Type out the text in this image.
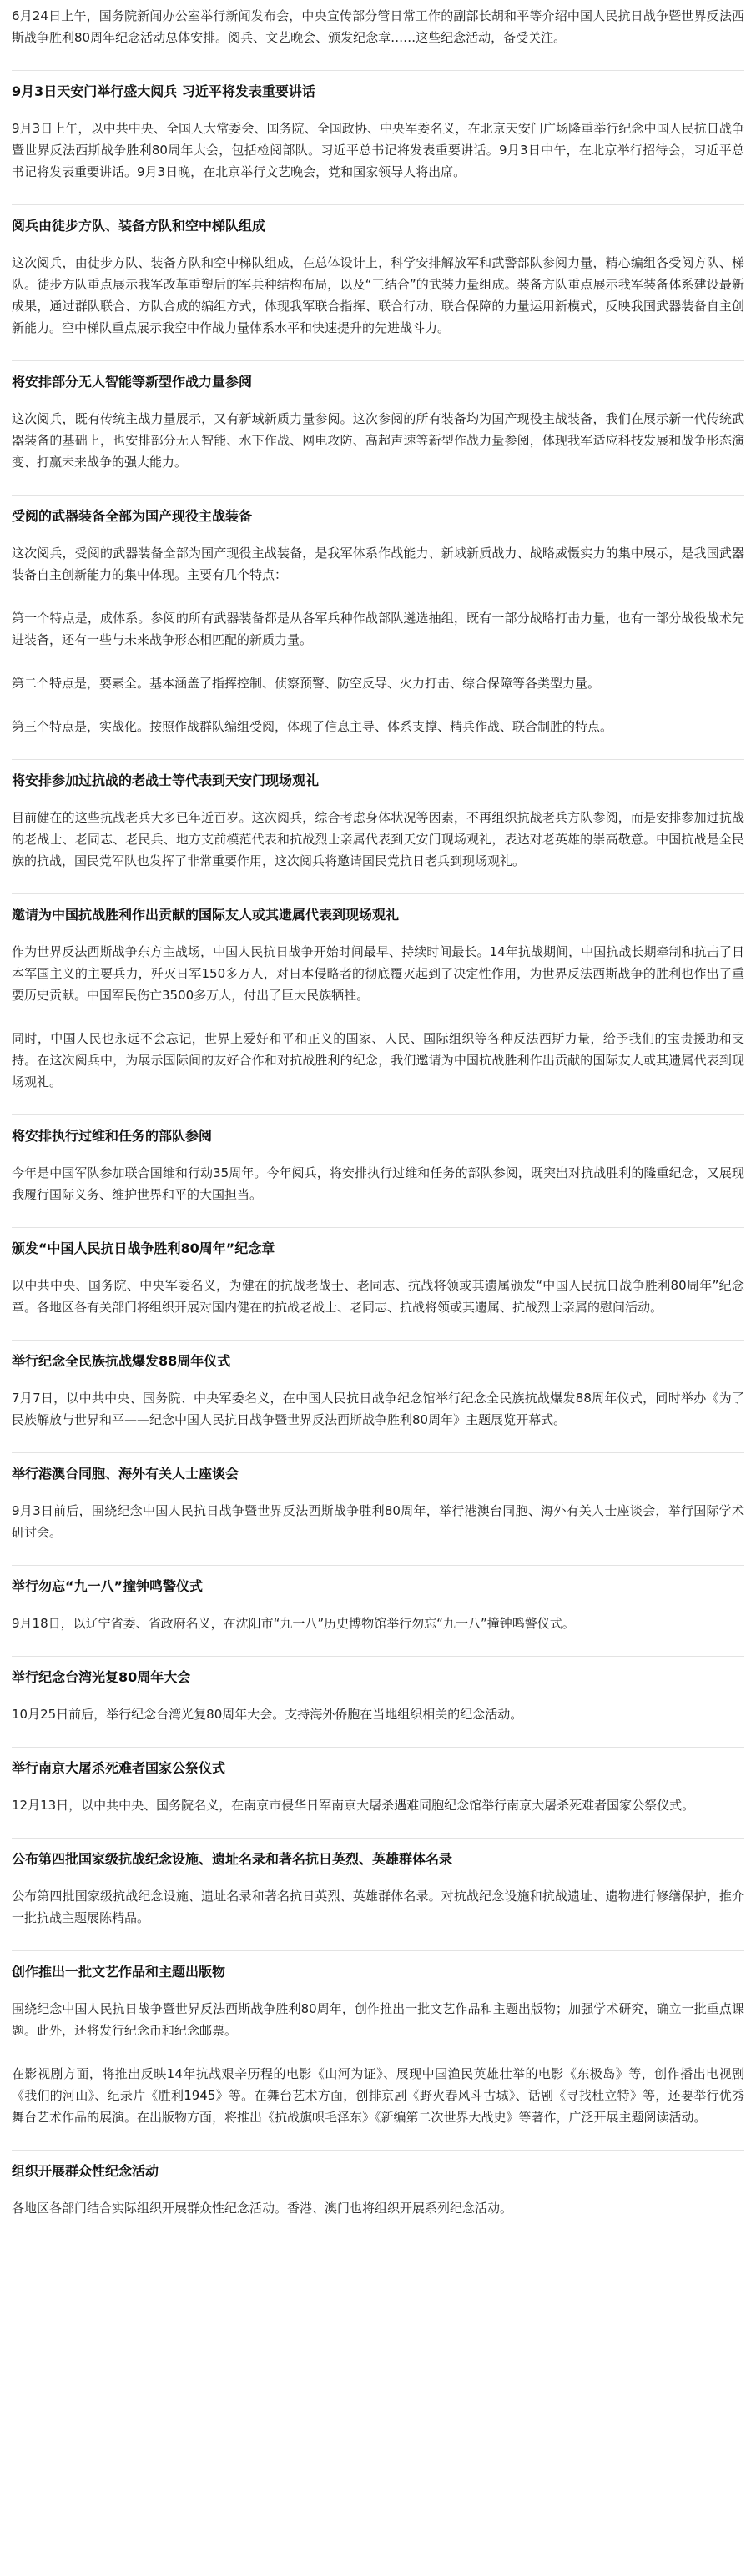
6月24日上午，国务院新闻办公室举行新闻发布会，中央宣传部分管日常工作的副部长胡和平等介绍中国人民抗日战争暨世界反法西斯战争胜利80周年纪念活动总体安排。阅兵、文艺晚会、颁发纪念章……这些纪念活动，备受关注。

9月3日天安门举行盛大阅兵 习近平将发表重要讲话

9月3日上午，以中共中央、全国人大常委会、国务院、全国政协、中央军委名义，在北京天安门广场隆重举行纪念中国人民抗日战争暨世界反法西斯战争胜利80周年大会，包括检阅部队。习近平总书记将发表重要讲话。9月3日中午，在北京举行招待会，习近平总书记将发表重要讲话。9月3日晚，在北京举行文艺晚会，党和国家领导人将出席。

阅兵由徒步方队、装备方队和空中梯队组成

这次阅兵，由徒步方队、装备方队和空中梯队组成，在总体设计上，科学安排解放军和武警部队参阅力量，精心编组各受阅方队、梯队。徒步方队重点展示我军改革重塑后的军兵种结构布局，以及“三结合”的武装力量组成。装备方队重点展示我军装备体系建设最新成果，通过群队联合、方队合成的编组方式，体现我军联合指挥、联合行动、联合保障的力量运用新模式，反映我国武器装备自主创新能力。空中梯队重点展示我空中作战力量体系水平和快速提升的先进战斗力。

将安排部分无人智能等新型作战力量参阅

这次阅兵，既有传统主战力量展示，又有新域新质力量参阅。这次参阅的所有装备均为国产现役主战装备，我们在展示新一代传统武器装备的基础上，也安排部分无人智能、水下作战、网电攻防、高超声速等新型作战力量参阅，体现我军适应科技发展和战争形态演变、打赢未来战争的强大能力。

受阅的武器装备全部为国产现役主战装备

这次阅兵，受阅的武器装备全部为国产现役主战装备，是我军体系作战能力、新域新质战力、战略威慑实力的集中展示，是我国武器装备自主创新能力的集中体现。主要有几个特点：

第一个特点是，成体系。参阅的所有武器装备都是从各军兵种作战部队遴选抽组，既有一部分战略打击力量，也有一部分战役战术先进装备，还有一些与未来战争形态相匹配的新质力量。

第二个特点是，要素全。基本涵盖了指挥控制、侦察预警、防空反导、火力打击、综合保障等各类型力量。

第三个特点是，实战化。按照作战群队编组受阅，体现了信息主导、体系支撑、精兵作战、联合制胜的特点。

将安排参加过抗战的老战士等代表到天安门现场观礼

目前健在的这些抗战老兵大多已年近百岁。这次阅兵，综合考虑身体状况等因素，不再组织抗战老兵方队参阅，而是安排参加过抗战的老战士、老同志、老民兵、地方支前模范代表和抗战烈士亲属代表到天安门现场观礼，表达对老英雄的崇高敬意。中国抗战是全民族的抗战，国民党军队也发挥了非常重要作用，这次阅兵将邀请国民党抗日老兵到现场观礼。

邀请为中国抗战胜利作出贡献的国际友人或其遗属代表到现场观礼

作为世界反法西斯战争东方主战场，中国人民抗日战争开始时间最早、持续时间最长。14年抗战期间，中国抗战长期牵制和抗击了日本军国主义的主要兵力，歼灭日军150多万人，对日本侵略者的彻底覆灭起到了决定性作用，为世界反法西斯战争的胜利也作出了重要历史贡献。中国军民伤亡3500多万人，付出了巨大民族牺牲。

同时，中国人民也永远不会忘记，世界上爱好和平和正义的国家、人民、国际组织等各种反法西斯力量，给予我们的宝贵援助和支持。在这次阅兵中，为展示国际间的友好合作和对抗战胜利的纪念，我们邀请为中国抗战胜利作出贡献的国际友人或其遗属代表到现场观礼。

将安排执行过维和任务的部队参阅

今年是中国军队参加联合国维和行动35周年。今年阅兵，将安排执行过维和任务的部队参阅，既突出对抗战胜利的隆重纪念，又展现我履行国际义务、维护世界和平的大国担当。

颁发“中国人民抗日战争胜利80周年”纪念章

以中共中央、国务院、中央军委名义，为健在的抗战老战士、老同志、抗战将领或其遗属颁发“中国人民抗日战争胜利80周年”纪念章。各地区各有关部门将组织开展对国内健在的抗战老战士、老同志、抗战将领或其遗属、抗战烈士亲属的慰问活动。

举行纪念全民族抗战爆发88周年仪式

7月7日，以中共中央、国务院、中央军委名义，在中国人民抗日战争纪念馆举行纪念全民族抗战爆发88周年仪式，同时举办《为了民族解放与世界和平——纪念中国人民抗日战争暨世界反法西斯战争胜利80周年》主题展览开幕式。

举行港澳台同胞、海外有关人士座谈会

9月3日前后，围绕纪念中国人民抗日战争暨世界反法西斯战争胜利80周年，举行港澳台同胞、海外有关人士座谈会，举行国际学术研讨会。

举行勿忘“九一八”撞钟鸣警仪式

9月18日，以辽宁省委、省政府名义，在沈阳市“九一八”历史博物馆举行勿忘“九一八”撞钟鸣警仪式。

举行纪念台湾光复80周年大会

10月25日前后，举行纪念台湾光复80周年大会。支持海外侨胞在当地组织相关的纪念活动。

举行南京大屠杀死难者国家公祭仪式

12月13日，以中共中央、国务院名义，在南京市侵华日军南京大屠杀遇难同胞纪念馆举行南京大屠杀死难者国家公祭仪式。

公布第四批国家级抗战纪念设施、遗址名录和著名抗日英烈、英雄群体名录

公布第四批国家级抗战纪念设施、遗址名录和著名抗日英烈、英雄群体名录。对抗战纪念设施和抗战遗址、遗物进行修缮保护，推介一批抗战主题展陈精品。

创作推出一批文艺作品和主题出版物

围绕纪念中国人民抗日战争暨世界反法西斯战争胜利80周年，创作推出一批文艺作品和主题出版物；加强学术研究，确立一批重点课题。此外，还将发行纪念币和纪念邮票。

在影视剧方面，将推出反映14年抗战艰辛历程的电影《山河为证》、展现中国渔民英雄壮举的电影《东极岛》等，创作播出电视剧《我们的河山》、纪录片《胜利1945》等。在舞台艺术方面，创排京剧《野火春风斗古城》、话剧《寻找杜立特》等，还要举行优秀舞台艺术作品的展演。在出版物方面，将推出《抗战旗帜毛泽东》《新编第二次世界大战史》等著作，广泛开展主题阅读活动。

组织开展群众性纪念活动

各地区各部门结合实际组织开展群众性纪念活动。香港、澳门也将组织开展系列纪念活动。
